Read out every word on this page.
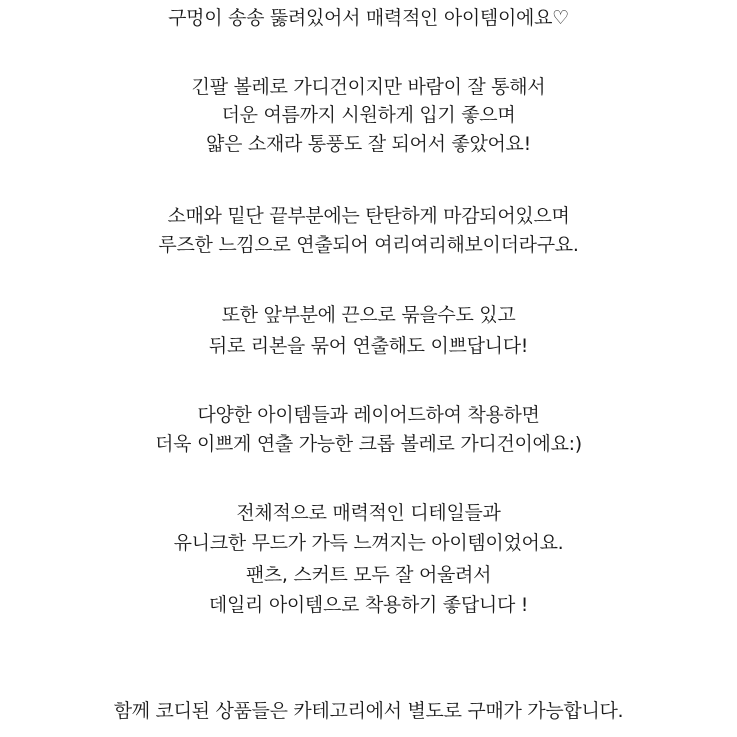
구멍이 송송 뚫려있어서 매력적인 아이템이에요♡
긴팔 볼레로 가디건이지만 바람이 잘 통해서
더운 여름까지 시원하게 입기 좋으며
얇은 소재라 통풍도 잘 되어서 좋았어요!
소매와 밑단 끝부분에는 탄탄하게 마감되어있으며
루즈한 느낌으로 연출되어 여리여리해보이더라구요.
또한 앞부분에 끈으로 묶을수도 있고
뒤로 리본을 묶어 연출해도 이쁘답니다!
다양한 아이템들과 레이어드하여 착용하면
더욱 이쁘게 연출 가능한 크롭 볼레로 가디건이에요:)
전체적으로 매력적인 디테일들과
유니크한 무드가 가득 느껴지는 아이템이었어요.
팬츠, 스커트 모두 잘 어울려서
데일리 아이템으로 착용하기 좋답니다 !
함께 코디된 상품들은 카테고리에서 별도로 구매가 가능합니다.
